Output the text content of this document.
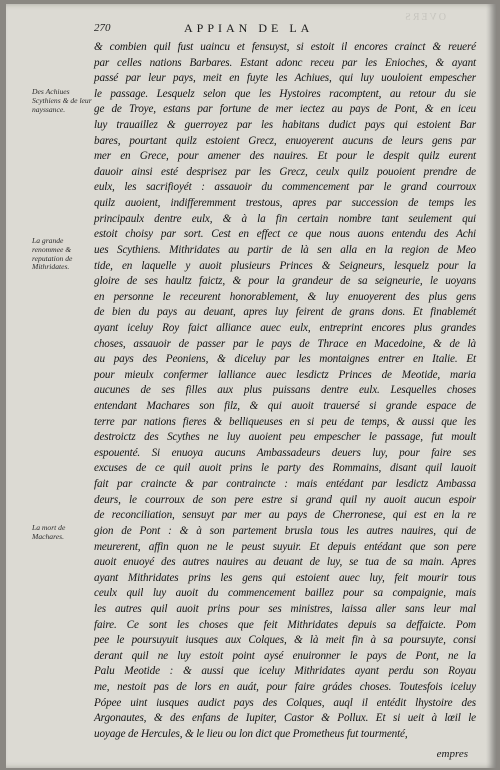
OVERS
270	APPIAN DE LA
Des Achiues Scythiens & de leur nayssance.
La grande renommee & reputation de Mithridates.
La mort de Machares.
& combien quil fust uaincu et fensuyst, si estoit il encores crainct & reueré
par celles nations Barbares. Estant adonc receu par les Enioches, & ayant
passé par leur pays, meit en fuyte les Achiues, qui luy uouloient empescher
le passage. Lesquelz selon que les Hystoires racomptent, au retour du sie
ge de Troye, estans par fortune de mer iectez au pays de Pont, & en iceu
luy trauaillez & guerroyez par les habitans dudict pays qui estoient Bar
bares, pourtant quilz estoient Grecz, enuoyerent aucuns de leurs gens par
mer en Grece, pour amener des nauires. Et pour le despit quilz eurent
dauoir ainsi esté desprisez par les Grecz, ceulx quilz pouoient prendre de
eulx, les sacrifioyét : assauoir du commencement par le grand courroux
quilz auoient, indifferemment trestous, apres par succession de temps les
principaulx dentre eulx, & à la fin certain nombre tant seulement qui
estoit choisy par sort. Cest en effect ce que nous auons entendu des Achi
ues Scythiens. Mithridates au partir de là sen alla en la region de Meo
tide, en laquelle y auoit plusieurs Princes & Seigneurs, lesquelz pour la
gloire de ses haultz faictz, & pour la grandeur de sa seigneurie, le uoyans
en personne le receurent honorablement, & luy enuoyerent des plus gens
de bien du pays au deuant, apres luy feirent de grans dons. Et finablemét
ayant iceluy Roy faict alliance auec eulx, entreprint encores plus grandes
choses, assauoir de passer par le pays de Thrace en Macedoine, & de là
au pays des Peoniens, & diceluy par les montaignes entrer en Italie. Et
pour mieulx confermer lalliance auec lesdictz Princes de Meotide, maria
aucunes de ses filles aux plus puissans dentre eulx. Lesquelles choses
entendant Machares son filz, & qui auoit trauersé si grande espace de
terre par nations fieres & belliqueuses en si peu de temps, & aussi que les
destroictz des Scythes ne luy auoient peu empescher le passage, fut moult
espouenté. Si enuoya aucuns Ambassadeurs deuers luy, pour faire ses
excuses de ce quil auoit prins le party des Rommains, disant quil lauoit
fait par craincte & par contraincte : mais entédant par lesdictz Ambassa
deurs, le courroux de son pere estre si grand quil ny auoit aucun espoir
de reconciliation, sensuyt par mer au pays de Cherronese, qui est en la re
gion de Pont : & à son partement brusla tous les autres nauires, qui de
meurerent, affin quon ne le peust suyuir. Et depuis entédant que son pere
auoit enuoyé des autres nauires au deuant de luy, se tua de sa main. Apres
ayant Mithridates prins les gens qui estoient auec luy, feit mourir tous
ceulx quil luy auoit du commencement baillez pour sa compaignie, mais
les autres quil auoit prins pour ses ministres, laissa aller sans leur mal
faire. Ce sont les choses que feit Mithridates depuis sa deffaicte. Pom
pee le poursuyuit iusques aux Colques, & là meit fin à sa poursuyte, consi
derant quil ne luy estoit point aysé enuironner le pays de Pont, ne la
Palu Meotide : & aussi que iceluy Mithridates ayant perdu son Royau
me, nestoit pas de lors en auát, pour faire grádes choses. Toutesfois iceluy
Pópee uint iusques audict pays des Colques, auql il entédit lhystoire des
Argonautes, & des enfans de Iupiter, Castor & Pollux. Et si ueit à lœil le
uoyage de Hercules, & le lieu ou lon dict que Prometheus fut tourmenté,
empres
